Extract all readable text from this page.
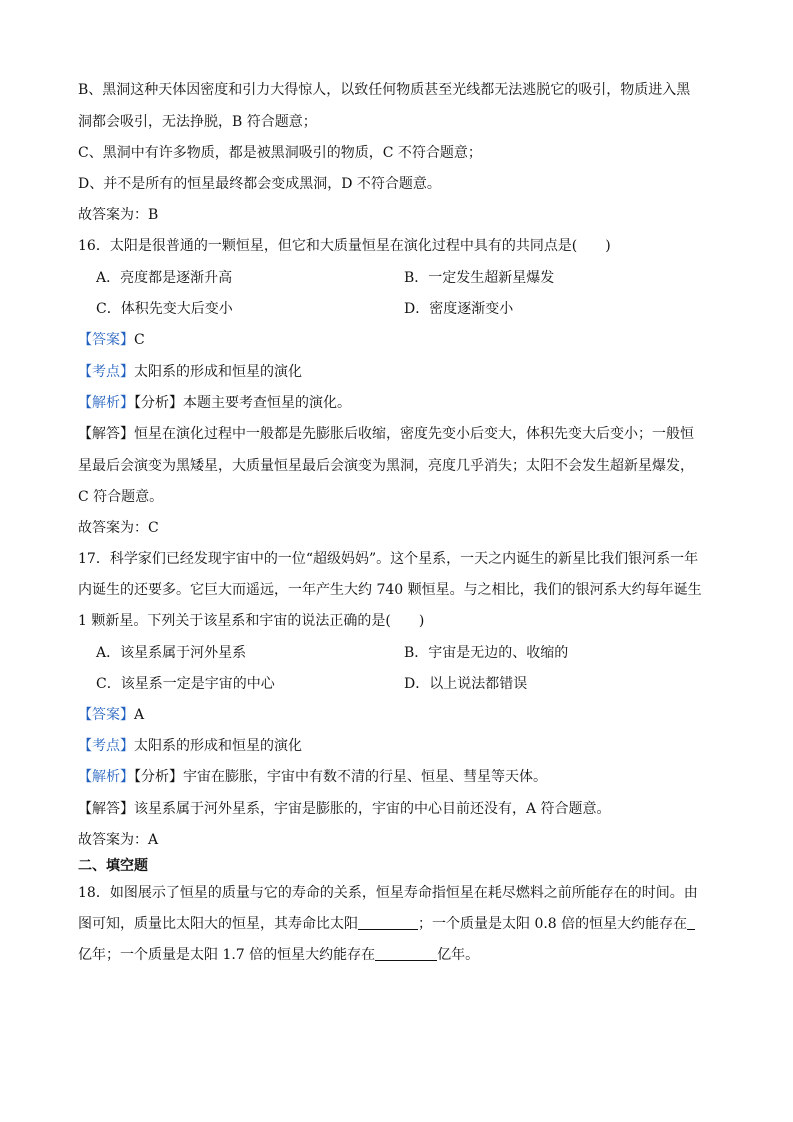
B、黑洞这种天体因密度和引力大得惊人，以致任何物质甚至光线都无法逃脱它的吸引，物质进入黑
洞都会吸引，无法挣脱，B 符合题意；
C、黑洞中有许多物质，都是被黑洞吸引的物质，C 不符合题意；
D、并不是所有的恒星最终都会变成黑洞，D 不符合题意。
故答案为：B
16．太阳是很普通的一颗恒星，但它和大质量恒星在演化过程中具有的共同点是(　　)
A．亮度都是逐渐升高	B．一定发生超新星爆发
C．体积先变大后变小	D．密度逐渐变小
【答案】C
【考点】太阳系的形成和恒星的演化
【解析】【分析】本题主要考查恒星的演化。
【解答】恒星在演化过程中一般都是先膨胀后收缩，密度先变小后变大，体积先变大后变小；一般恒
星最后会演变为黑矮星，大质量恒星最后会演变为黑洞，亮度几乎消失；太阳不会发生超新星爆发，
C 符合题意。
故答案为：C
17．科学家们已经发现宇宙中的一位“超级妈妈”。这个星系，一天之内诞生的新星比我们银河系一年
内诞生的还要多。它巨大而遥远，一年产生大约 740 颗恒星。与之相比，我们的银河系大约每年诞生
1 颗新星。下列关于该星系和宇宙的说法正确的是(　　)
A．该星系属于河外星系	B．宇宙是无边的、收缩的
C．该星系一定是宇宙的中心	D．以上说法都错误
【答案】A
【考点】太阳系的形成和恒星的演化
【解析】【分析】宇宙在膨胀，宇宙中有数不清的行星、恒星、彗星等天体。
【解答】该星系属于河外星系，宇宙是膨胀的，宇宙的中心目前还没有，A 符合题意。
故答案为：A
二、填空题
18．如图展示了恒星的质量与它的寿命的关系，恒星寿命指恒星在耗尽燃料之前所能存在的时间。由
图可知，质量比太阳大的恒星，其寿命比太阳	；一个质量是太阳 0.8 倍的恒星大约能存在
亿年；一个质量是太阳 1.7 倍的恒星大约能存在	亿年。
